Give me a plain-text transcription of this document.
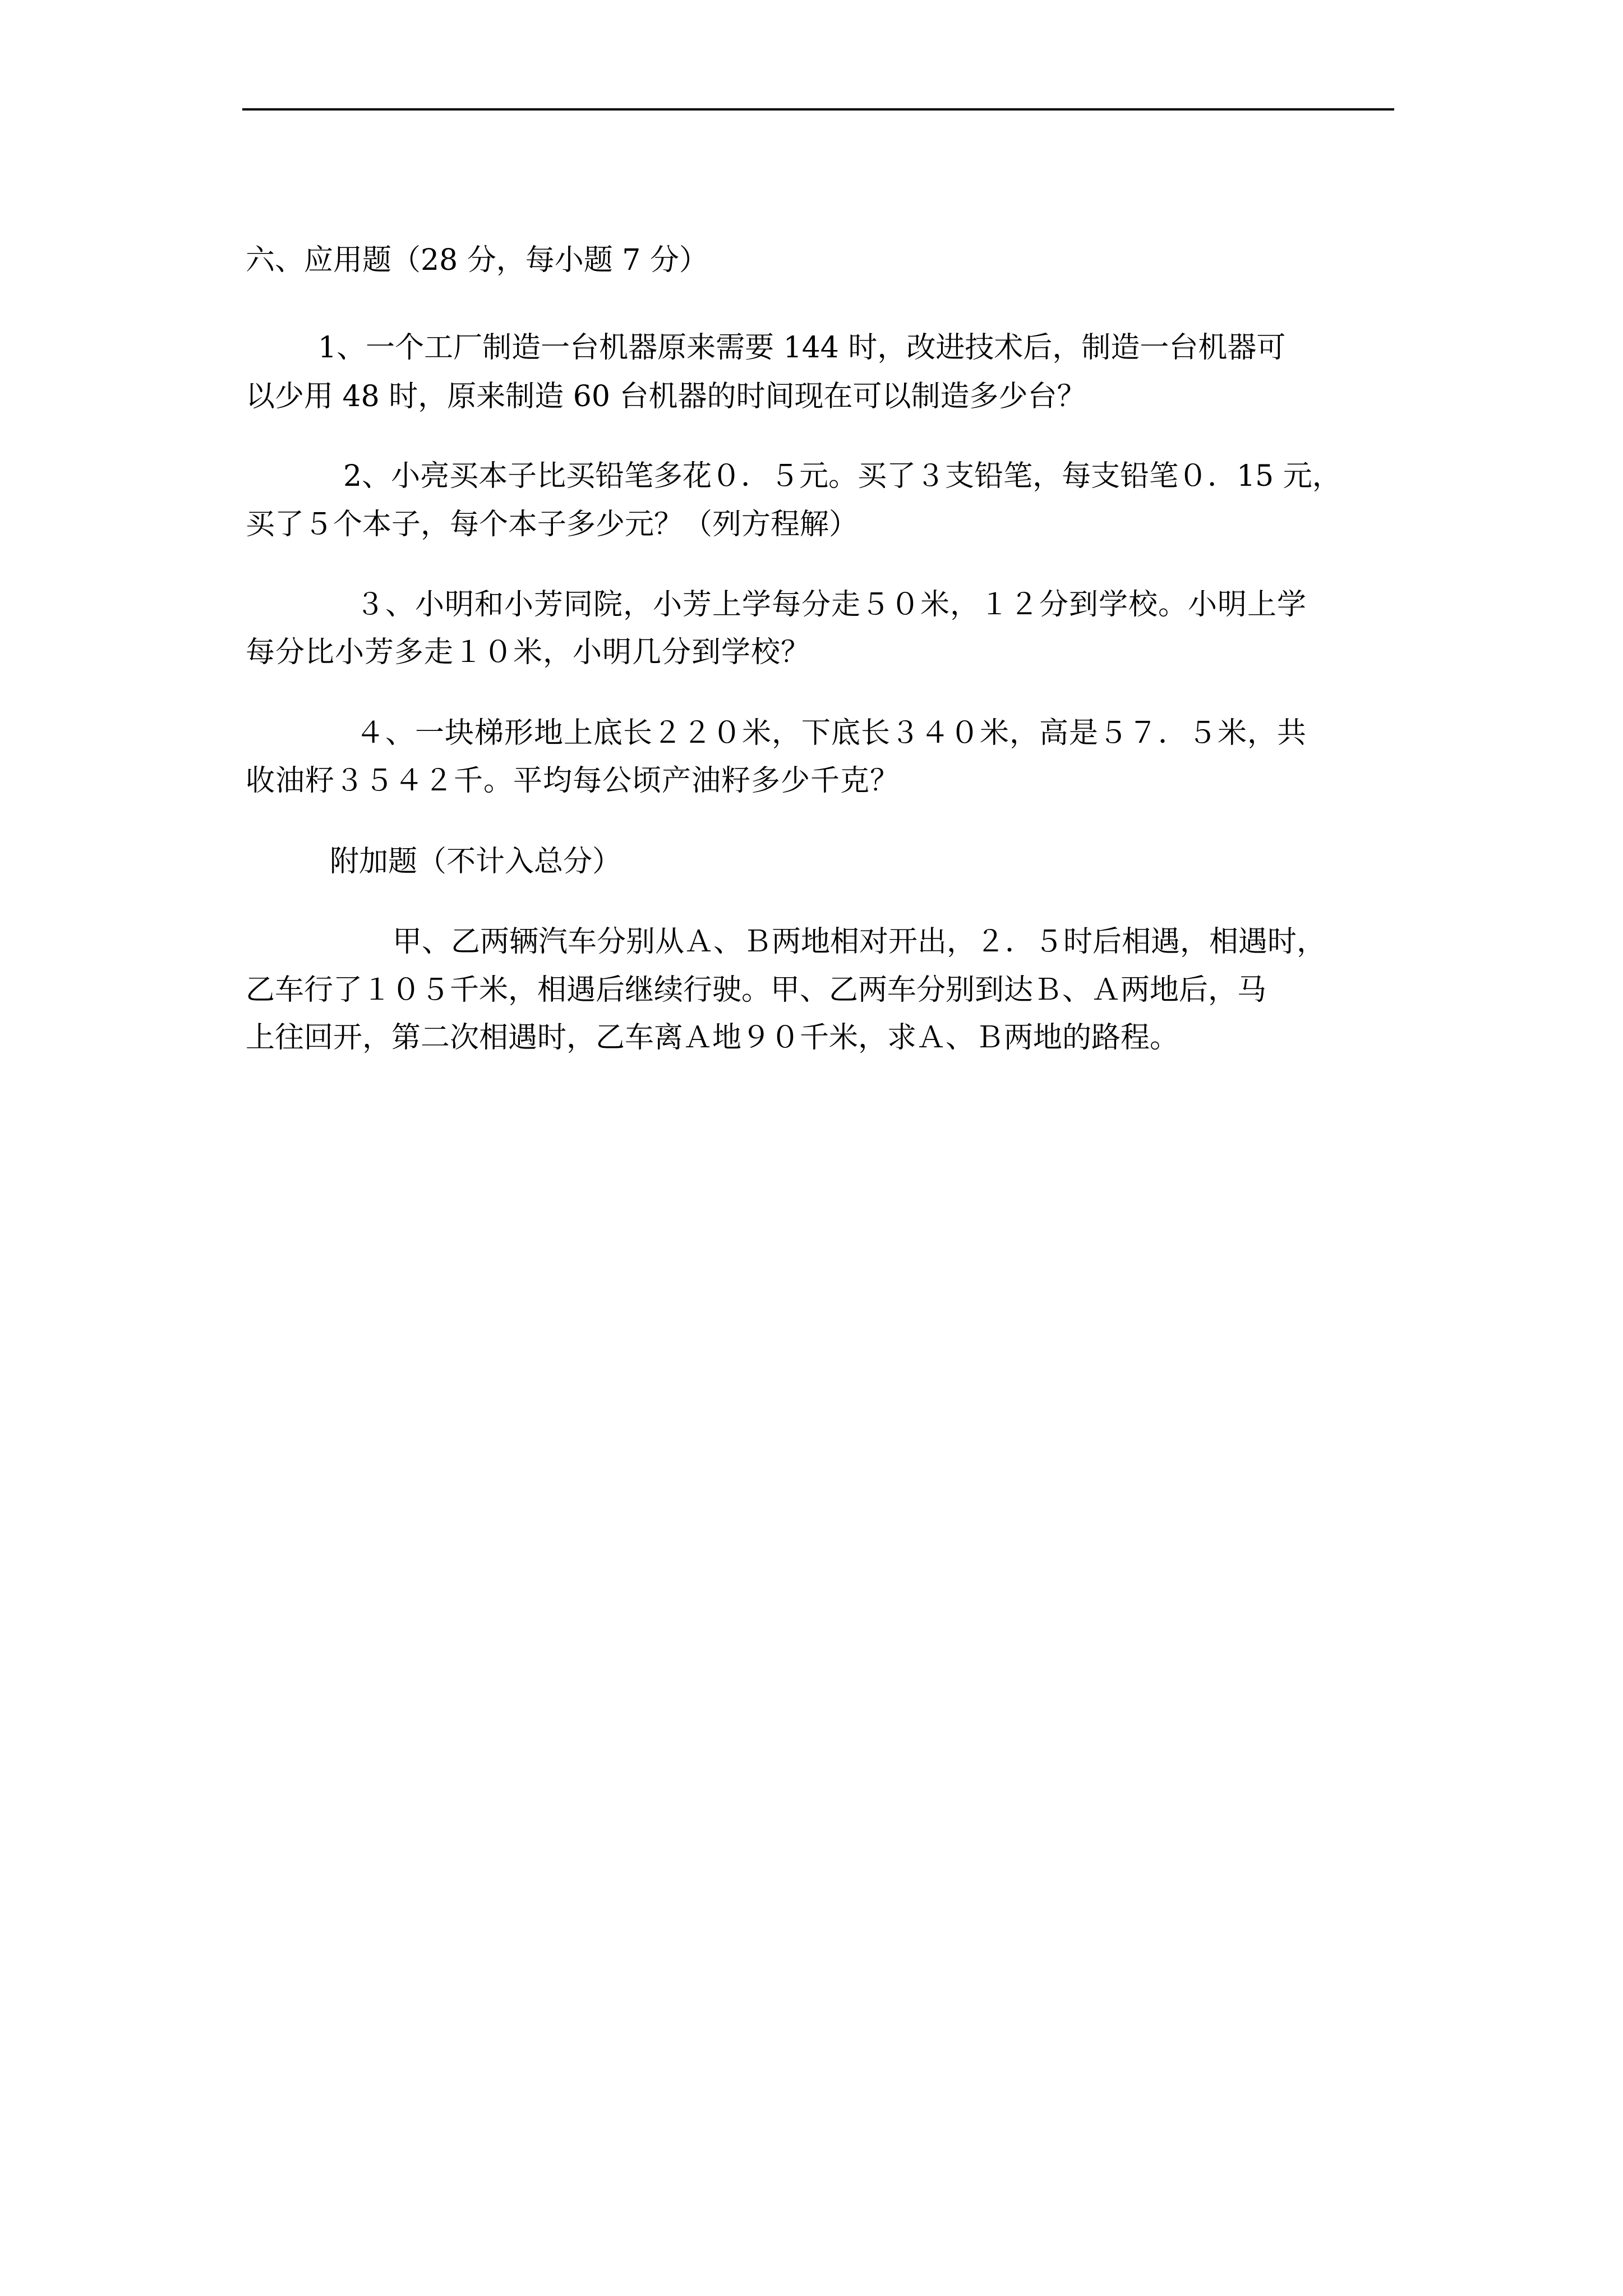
六、应用题（28 分，每小题 7 分）
1、一个工厂制造一台机器原来需要 144 时，改进技术后，制造一台机器可
以少用 48 时，原来制造 60 台机器的时间现在可以制造多少台？
2、小亮买本子比买铅笔多花０．５元。买了３支铅笔，每支铅笔０．15 元，
买了５个本子，每个本子多少元？（列方程解）
３、小明和小芳同院，小芳上学每分走５０米，１２分到学校。小明上学
每分比小芳多走１０米，小明几分到学校？
４、一块梯形地上底长２２０米，下底长３４０米，高是５７．５米，共
收油籽３５４２千。平均每公顷产油籽多少千克？
附加题（不计入总分）
甲、乙两辆汽车分别从Ａ、Ｂ两地相对开出，２．５时后相遇，相遇时，
乙车行了１０５千米，相遇后继续行驶。甲、乙两车分别到达Ｂ、Ａ两地后，马
上往回开，第二次相遇时，乙车离Ａ地９０千米，求Ａ、Ｂ两地的路程。
